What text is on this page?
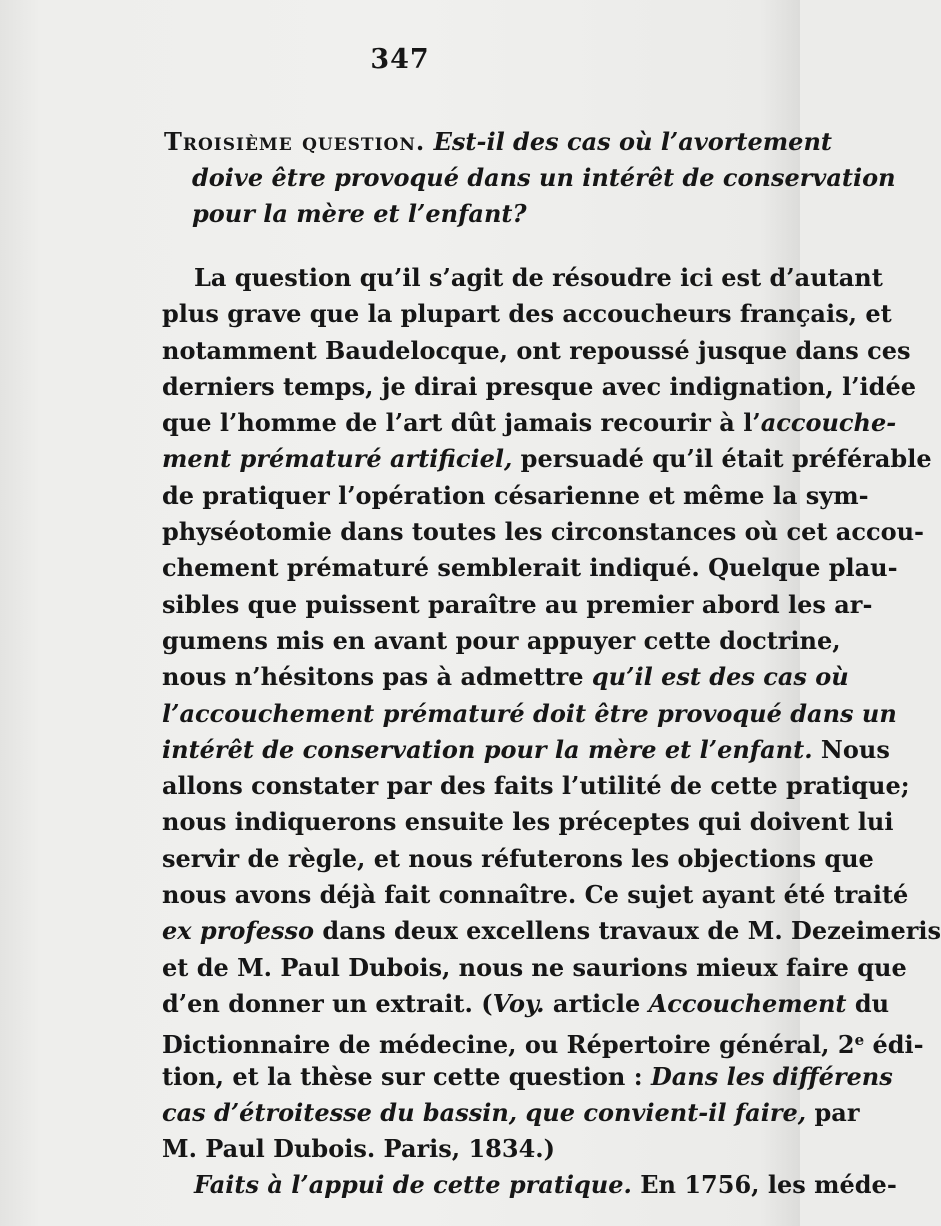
347
Troisième question. Est-il des cas où l’avortement
doive être provoqué dans un intérêt de conservation
pour la mère et l’enfant?
La question qu’il s’agit de résoudre ici est d’autant
plus grave que la plupart des accoucheurs français, et
notamment Baudelocque, ont repoussé jusque dans ces
derniers temps, je dirai presque avec indignation, l’idée
que l’homme de l’art dût jamais recourir à l’accouche-
ment prématuré artificiel, persuadé qu’il était préférable
de pratiquer l’opération césarienne et même la sym-
physéotomie dans toutes les circonstances où cet accou-
chement prématuré semblerait indiqué. Quelque plau-
sibles que puissent paraître au premier abord les ar-
gumens mis en avant pour appuyer cette doctrine,
nous n’hésitons pas à admettre qu’il est des cas où
l’accouchement prématuré doit être provoqué dans un
intérêt de conservation pour la mère et l’enfant. Nous
allons constater par des faits l’utilité de cette pratique;
nous indiquerons ensuite les préceptes qui doivent lui
servir de règle, et nous réfuterons les objections que
nous avons déjà fait connaître. Ce sujet ayant été traité
ex professo dans deux excellens travaux de M. Dezeimeris
et de M. Paul Dubois, nous ne saurions mieux faire que
d’en donner un extrait. (Voy. article Accouchement du
Dictionnaire de médecine, ou Répertoire général, 2e édi-
tion, et la thèse sur cette question : Dans les différens
cas d’étroitesse du bassin, que convient-il faire, par
M. Paul Dubois. Paris, 1834.)
Faits à l’appui de cette pratique. En 1756, les méde-
